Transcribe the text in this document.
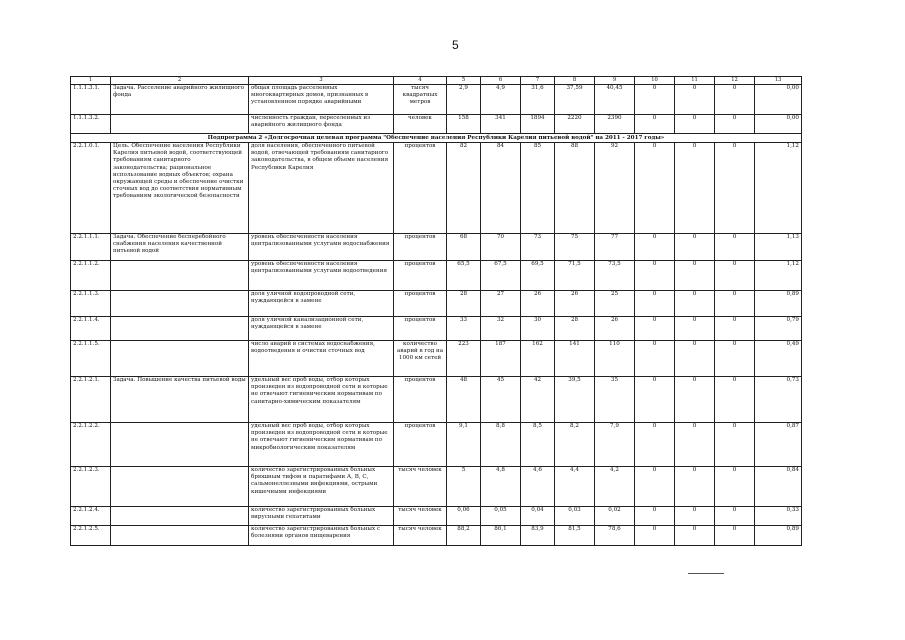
5
1	2	3	4	5	6	7	8	9	10	11	12	13
1.1.1.3.1.	Задача. Расселение аварийного жилищного фонда	общая площадь расселенных многоквартирных домов, признанных в установленном порядке аварийными	тысяч квадратных метров	2,9	4,9	31,6	37,59	40,45	0	0	0	0,00
1.1.1.3.2.		численность граждан, переселенных из аварийного жилищного фонда	человек	158	341	1894	2220	2390	0	0	0	0,00
Подпрограмма 2 «Долгосрочная целевая программа "Обеспечение населения Республики Карелия питьевой водой" на 2011 - 2017 годы»												
2.2.1.0.1.	Цель. Обеспечение населения Республики Карелия питьевой водой, соответствующей требованиям санитарного законодательства; рациональное использование водных объектов; охрана окружающей среды и обеспечение очистки сточных вод до соответствия нормативным требованиям экологической безопасности	доля населения, обеспеченного питьевой водой, отвечающей требованиям санитарного законодательства, в общем объеме населения Республики Карелия	процентов	82	84	85	88	92	0	0	0	1,12
2.2.1.1.1.	Задача. Обеспечение бесперебойного снабжения населения качественной питьевой водой	уровень обеспеченности населения централизованными услугами водоснабжения	процентов	68	70	73	75	77	0	0	0	1,13
2.2.1.1.2.		уровень обеспеченности населения централизованными услугами водоотведения	процентов	65,5	67,5	69,5	71,5	73,5	0	0	0	1,12
2.2.1.1.3.		доля уличной водопроводной сети, нуждающейся в замене	процентов	28	27	26	26	25	0	0	0	0,89
2.2.1.1.4.		доля уличной канализационной сети, нуждающейся в замене	процентов	33	32	30	28	26	0	0	0	0,79
2.2.1.1.5.		число аварий в системах водоснабжения, водоотведения и очистки сточных вод	количество аварий в год на 1000 км сетей	223	187	162	141	110	0	0	0	0,49
2.2.1.2.1.	Задача. Повышение качества питьевой воды	удельный вес проб воды, отбор которых произведен из водопроводной сети и которые не отвечают гигиеническим нормативам по санитарно-химическим показателям	процентов	48	45	42	39,5	35	0	0	0	0,73
2.2.1.2.2.		удельный вес проб воды, отбор которых произведен из водопроводной сети и которые не отвечают гигиеническим нормативам по микробиологическим показателям	процентов	9,1	8,8	8,5	8,2	7,9	0	0	0	0,87
2.2.1.2.3.		количество зарегистрированных больных брюшным тифом и паратифами А, В, С, сальмонеллезными инфекциями, острыми кишечными инфекциями	тысяч человек	5	4,8	4,6	4,4	4,2	0	0	0	0,84
2.2.1.2.4.		количество зарегистрированных больных вирусными гепатитами	тысяч человек	0,06	0,05	0,04	0,03	0,02	0	0	0	0,33
2.2.1.2.5.		количество зарегистрированных больных с болезнями органов пищеварения	тысяч человек	88,2	86,1	83,9	81,5	78,6	0	0	0	0,89
